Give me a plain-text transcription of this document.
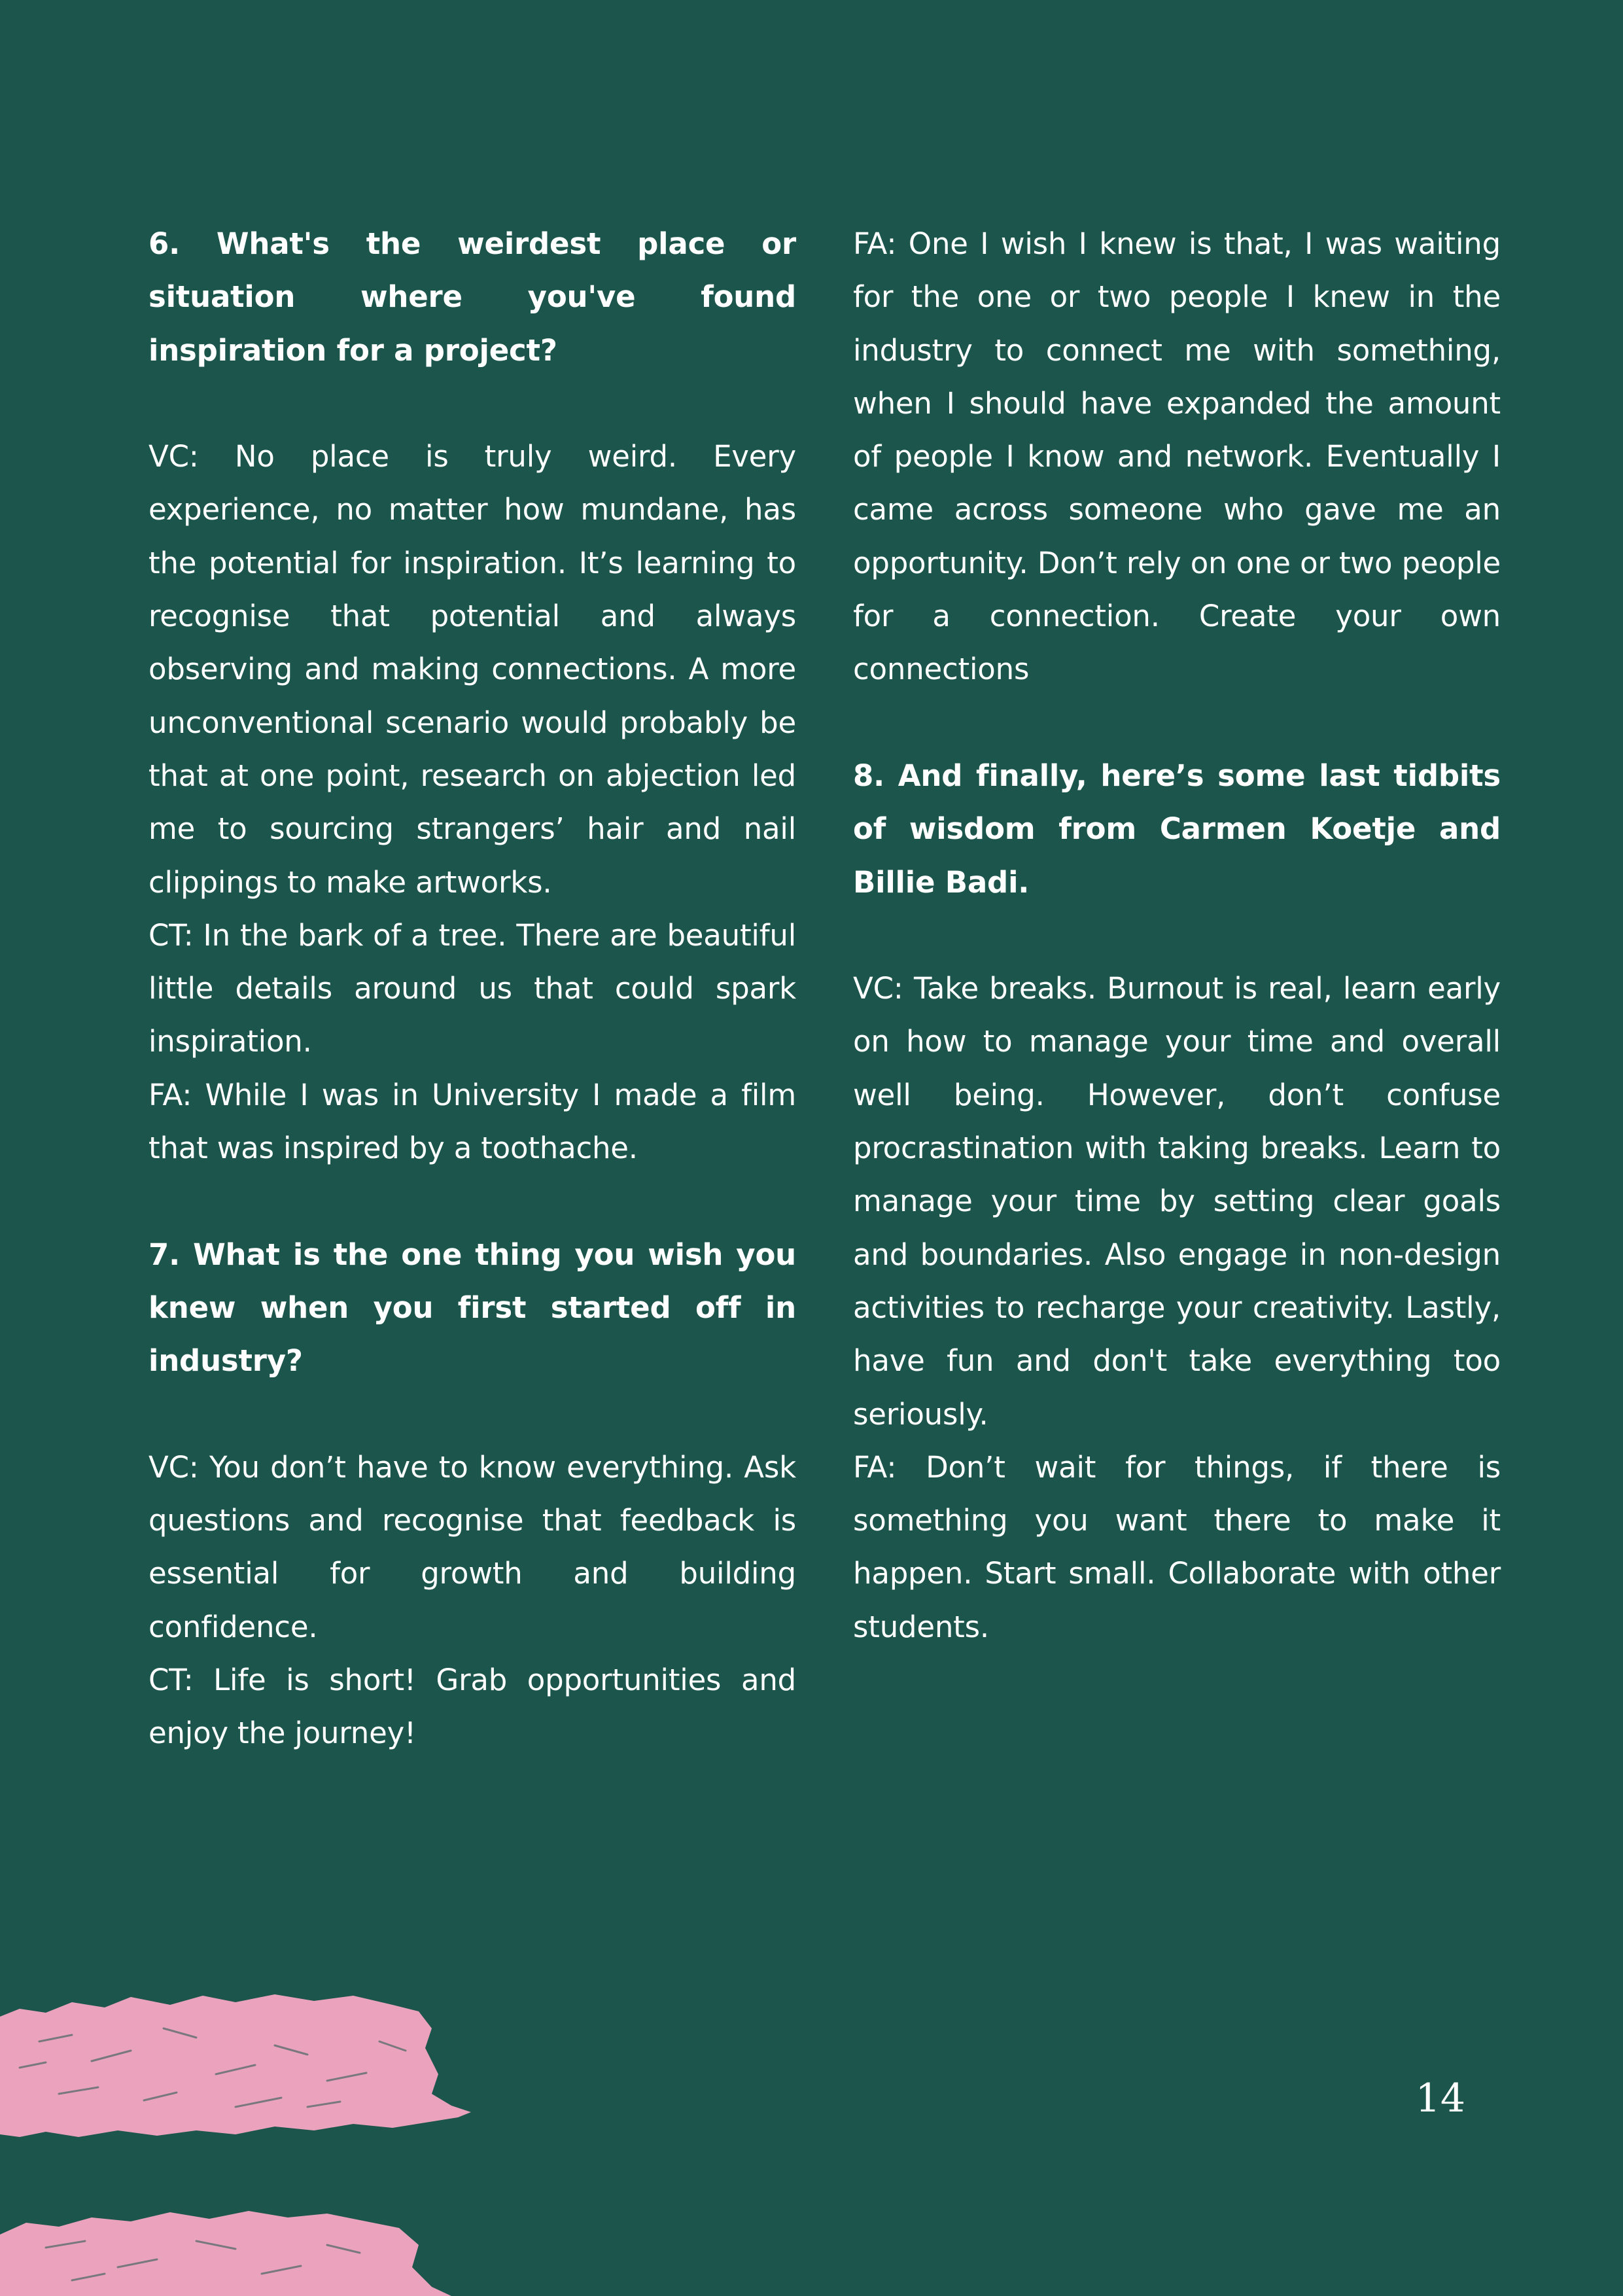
6. What's the weirdest place or situation where you've found inspiration for a project?

VC: No place is truly weird. Every experience, no matter how mundane, has the potential for inspiration. It’s learning to recognise that potential and always observing and making connections. A more unconventional scenario would probably be that at one point, research on abjection led me to sourcing strangers’ hair and nail clippings to make artworks.

CT: In the bark of a tree. There are beautiful little details around us that could spark inspiration.

FA: While I was in University I made a film that was inspired by a toothache.

7. What is the one thing you wish you knew when you first started off in industry?

VC: You don’t have to know everything. Ask questions and recognise that feedback is essential for growth and building confidence.

CT: Life is short! Grab opportunities and enjoy the journey!

FA: One I wish I knew is that, I was waiting for the one or two people I knew in the industry to connect me with something, when I should have expanded the amount of people I know and network. Eventually I came across someone who gave me an opportunity. Don’t rely on one or two people for a connection. Create your own connections

8. And finally, here’s some last tidbits of wisdom from Carmen Koetje and Billie Badi.

VC: Take breaks. Burnout is real, learn early on how to manage your time and overall well being. However, don’t confuse procrastination with taking breaks. Learn to manage your time by setting clear goals and boundaries. Also engage in non-design activities to recharge your creativity. Lastly, have fun and don't take everything too seriously.

FA: Don’t wait for things, if there is something you want there to make it happen. Start small. Collaborate with other students.

14
